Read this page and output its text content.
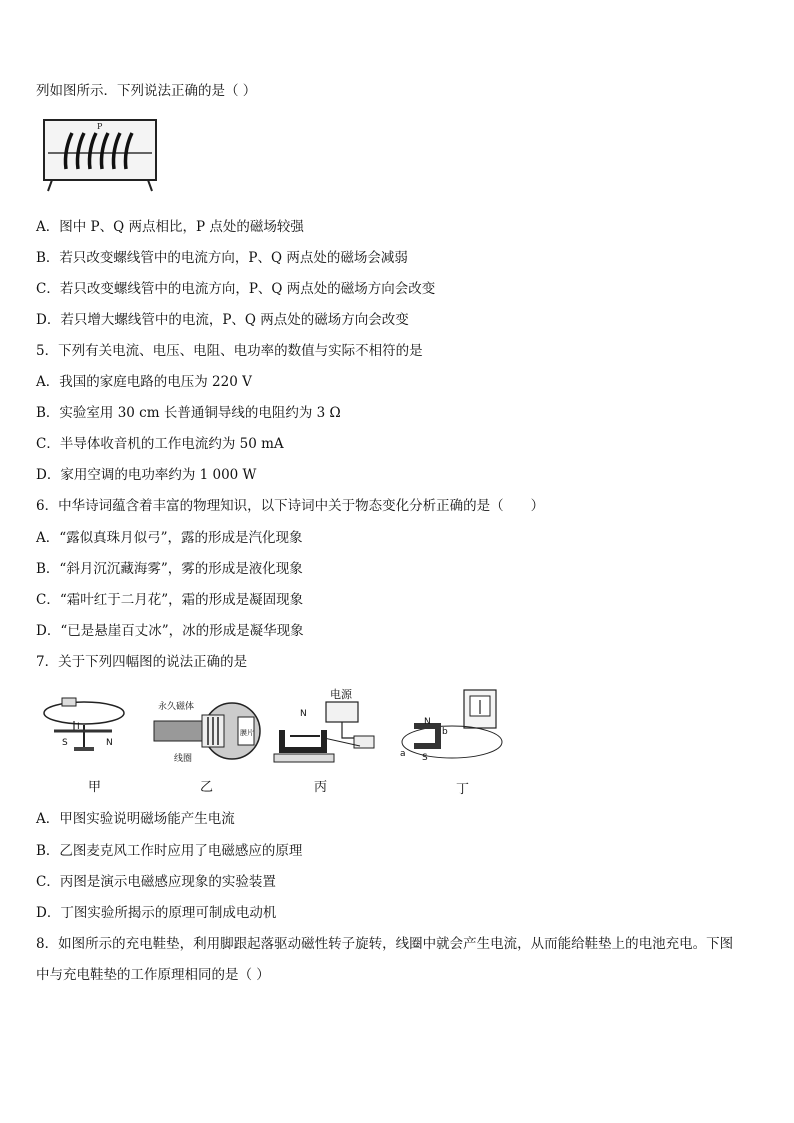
列如图所示．下列说法正确的是（ ）
P
A．图中 P、Q 两点相比，P 点处的磁场较强
B．若只改变螺线管中的电流方向，P、Q 两点处的磁场会减弱
C．若只改变螺线管中的电流方向，P、Q 两点处的磁场方向会改变
D．若只增大螺线管中的电流，P、Q 两点处的磁场方向会改变
5．下列有关电流、电压、电阻、电功率的数值与实际不相符的是
A．我国的家庭电路的电压为 220 V
B．实验室用 30 cm 长普通铜导线的电阻约为 3 Ω
C．半导体收音机的工作电流约为 50 mA
D．家用空调的电功率约为 1 000 W
6．中华诗词蕴含着丰富的物理知识，以下诗词中关于物态变化分析正确的是（　　）
A．“露似真珠月似弓”，露的形成是汽化现象
B．“斜月沉沉藏海雾”，雾的形成是液化现象
C．“霜叶红于二月花”，霜的形成是凝固现象
D．“已是悬崖百丈冰”，冰的形成是凝华现象
7．关于下列四幅图的说法正确的是
I
S	N
甲
永久磁体
膜片
线圈
乙
电源
N
丙
N
b
a S
丁
A．甲图实验说明磁场能产生电流
B．乙图麦克风工作时应用了电磁感应的原理
C．丙图是演示电磁感应现象的实验装置
D．丁图实验所揭示的原理可制成电动机
8．如图所示的充电鞋垫，利用脚跟起落驱动磁性转子旋转，线圈中就会产生电流，从而能给鞋垫上的电池充电。下图
中与充电鞋垫的工作原理相同的是（ ）
